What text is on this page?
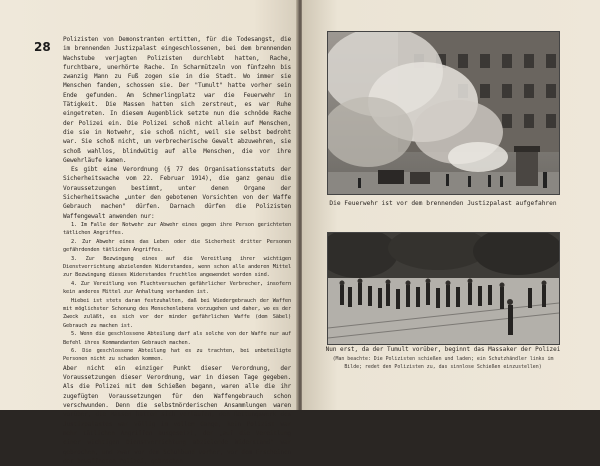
28

Polizisten von Demonstranten ertitten, für die Todesangst, die im brennenden Justizpalast eingeschlossenen, bei dem brennenden Wachstube verjagten Polizisten durchlebt hatten, Rache, furchtbare, unerhörte Rache. In Scharmützeln von fünfzehn bis zwanzig Mann zu Fuß zogen sie in die Stadt. Wo immer sie Menschen fanden, schossen sie. Der "Tumult" hatte vorher sein Ende gefunden. Am Schmerlingplatz war die Feuerwehr in Tätigkeit. Die Massen hatten sich zerstreut, es war Ruhe eingetreten. In diesem Augenblick setzte nun die schnöde Rache der Polizei ein. Die Polizei schoß nicht allein auf Menschen, die sie in Notwehr, sie schoß nicht, weil sie selbst bedroht war. Sie schoß nicht, um verbrecherische Gewalt abzuwehren, sie schoß wahllos, blindwütig auf alle Menschen, die vor ihre Gewehrläufe kamen.

Es gibt eine Verordnung (§ 77 des Organisationsstatuts der Sicherheitswache vom 22. Februar 1914), die ganz genau die Voraussetzungen bestimmt, unter denen Organe der Sicherheitswache „unter den gebotenen Vorsichten von der Waffe Gebrauch machen" dürfen. Darnach dürfen die Polizisten Waffengewalt anwenden nur:

1. Im Falle der Notwehr zur Abwehr eines gegen ihre Person gerichteten tätlichen Angriffes.

2. Zur Abwehr eines das Leben oder die Sicherheit dritter Personen gefährdenden tätlichen Angriffes.

3. Zur Bezwingung eines auf die Vereitlung ihrer wichtigen Dienstverrichtung abzielenden Widerstandes, wenn schon alle anderen Mittel zur Bezwingung dieses Widerstandes fruchtlos angewendet worden sind.

4. Zur Vereitlung von Fluchtversuchen gefährlicher Verbrecher, insofern kein anderes Mittel zur Anhaltung vorhanden ist.

Hiebei ist stets daran festzuhalten, daß bei Wiedergebrauch der Waffen mit möglichster Schonung des Menschenlebens vorzugehen und daher, wo es der Zweck zuläßt, es sich vor der minder gefährlichen Waffe (dem Säbel) Gebrauch zu machen ist.

5. Wenn die geschlossene Abteilung darf als solche von der Waffe nur auf Befehl ihres Kommandanten Gebrauch machen.

6. Die geschlossene Abteilung hat es zu trachten, bei unbeteiligte Personen nicht zu schaden kommen.

Aber nicht ein einziger Punkt dieser Verordnung, der Voraussetzungen dieser Verordnung, war in diesen Tage gegeben. Als die Polizei mit dem Schießen begann, waren alle die ihr zugefügten Voraussetzungen für den Waffengebrauch schon verschwunden. Denn die selbstmörderischen Ansammlungen waren vorüber, die Massen hatten sich verlaufen, den Rettungswerk des Justizpalastes war völlig im vollem Gange, kein Polizist war mehr tätlichen Angriffen ausgesetzt, der „auf die Vereitlung einer wichtigen Dienstverrichtung abzielende Widerstand" war gebrochen, und zwar vor dem Schuhbund vorher, vor dem Erscheinen der bewaffneten Polizei, gebrochen

Die Feuerwehr ist vor dem brennenden Justizpalast aufgefahren
Nun erst, da der Tumult vorüber, beginnt das Massaker der Polizei
(Man beachte: Die Polizisten schießen und laden; ein Schutzhändler links im Bilde; redet den Polizisten zu, das sinnlose Schießen einzustellen)
